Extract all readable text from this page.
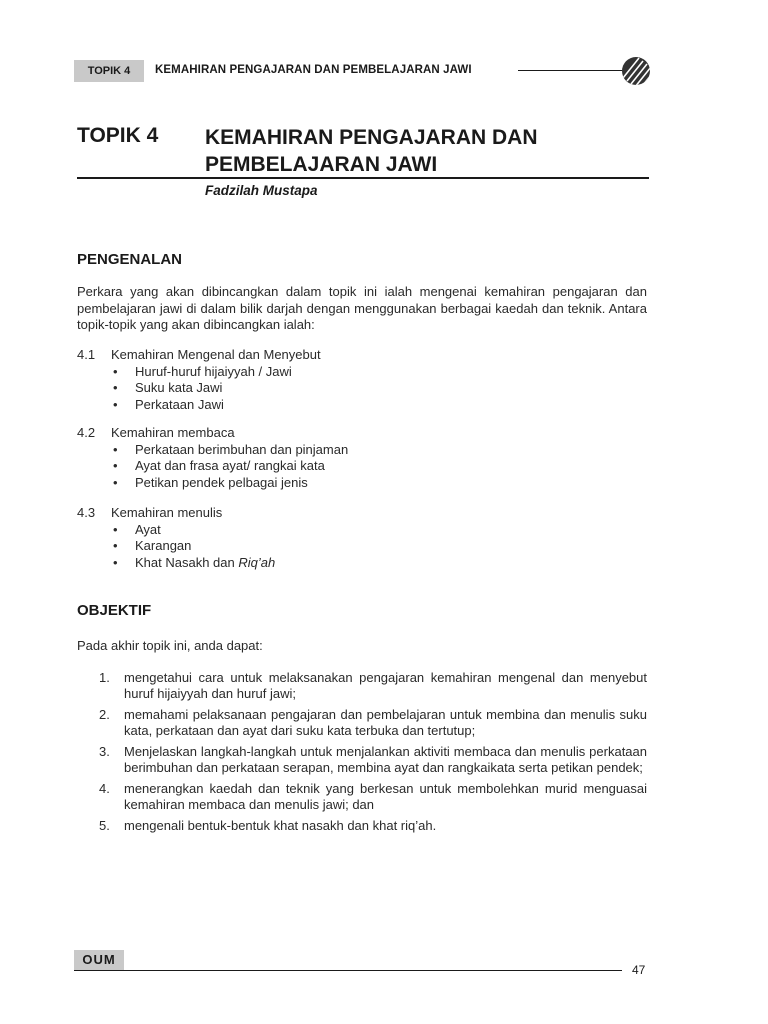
TOPIK 4	KEMAHIRAN PENGAJARAN DAN PEMBELAJARAN JAWI
TOPIK 4 KEMAHIRAN PENGAJARAN DAN PEMBELAJARAN JAWI
Fadzilah Mustapa
PENGENALAN
Perkara yang akan dibincangkan dalam topik ini ialah mengenai kemahiran pengajaran dan pembelajaran jawi di dalam bilik darjah dengan menggunakan berbagai kaedah dan teknik. Antara topik-topik yang akan dibincangkan ialah:
4.1 Kemahiran Mengenal dan Menyebut
• Huruf-huruf hijaiyyah / Jawi
• Suku kata Jawi
• Perkataan Jawi
4.2 Kemahiran membaca
• Perkataan berimbuhan dan pinjaman
• Ayat dan frasa ayat/ rangkai kata
• Petikan pendek pelbagai jenis
4.3 Kemahiran menulis
• Ayat
• Karangan
• Khat Nasakh dan Riq’ah
OBJEKTIF
Pada akhir topik ini, anda dapat:
1. mengetahui cara untuk melaksanakan pengajaran kemahiran mengenal dan menyebut huruf hijaiyyah dan huruf jawi;
2. memahami pelaksanaan pengajaran dan pembelajaran untuk membina dan menulis suku kata, perkataan dan ayat dari suku kata terbuka dan tertutup;
3. Menjelaskan langkah-langkah untuk menjalankan aktiviti membaca dan menulis perkataan berimbuhan dan perkataan serapan, membina ayat dan rangkaikata serta petikan pendek;
4. menerangkan kaedah dan teknik yang berkesan untuk membolehkan murid menguasai kemahiran membaca dan menulis jawi; dan
5. mengenali bentuk-bentuk khat nasakh dan khat riq’ah.
OUM
47
